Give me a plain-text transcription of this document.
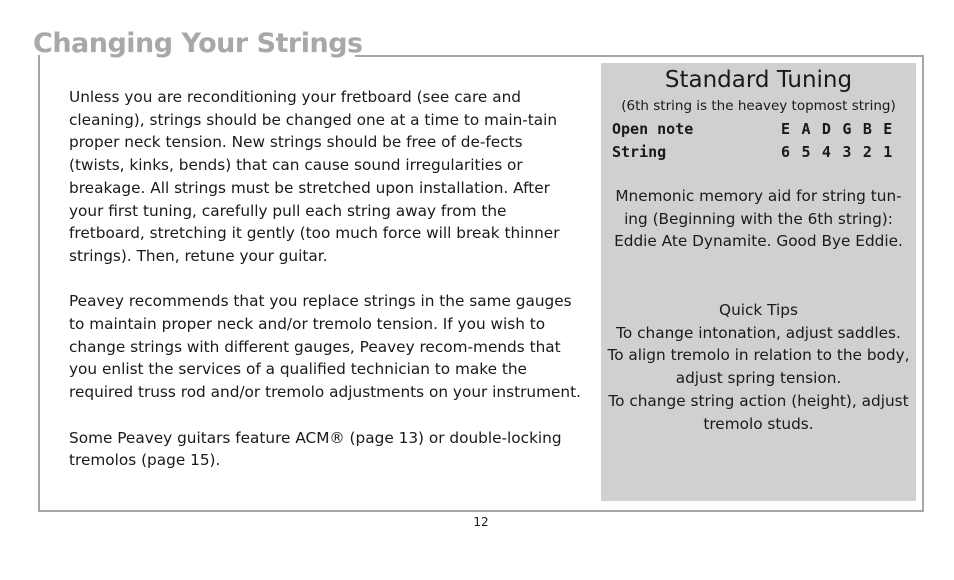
Changing Your Strings

Unless you are reconditioning your fretboard (see care and cleaning), strings should be changed one at a time to main-tain proper neck tension. New strings should be free of de-fects (twists, kinks, bends) that can cause sound irregularities or breakage. All strings must be stretched upon installation. After your first tuning, carefully pull each string away from the fretboard, stretching it gently (too much force will break thinner strings). Then, retune your guitar.

Peavey recommends that you replace strings in the same gauges to maintain proper neck and/or tremolo tension. If you wish to change strings with different gauges, Peavey recom-mends that you enlist the services of a qualified technician to make the required truss rod and/or tremolo adjustments on your instrument.

Some Peavey guitars feature ACM® (page 13) or double-locking tremolos (page 15).

Standard Tuning
(6th string is the heavey topmost string)
Open note	E A D G B E
String	6 5 4 3 2 1
Mnemonic memory aid for string tun-ing (Beginning with the 6th string): Eddie Ate Dynamite. Good Bye Eddie.
Quick Tips
To change intonation, adjust saddles.
To align tremolo in relation to the body, adjust spring tension.
To change string action (height), adjust tremolo studs.
12
